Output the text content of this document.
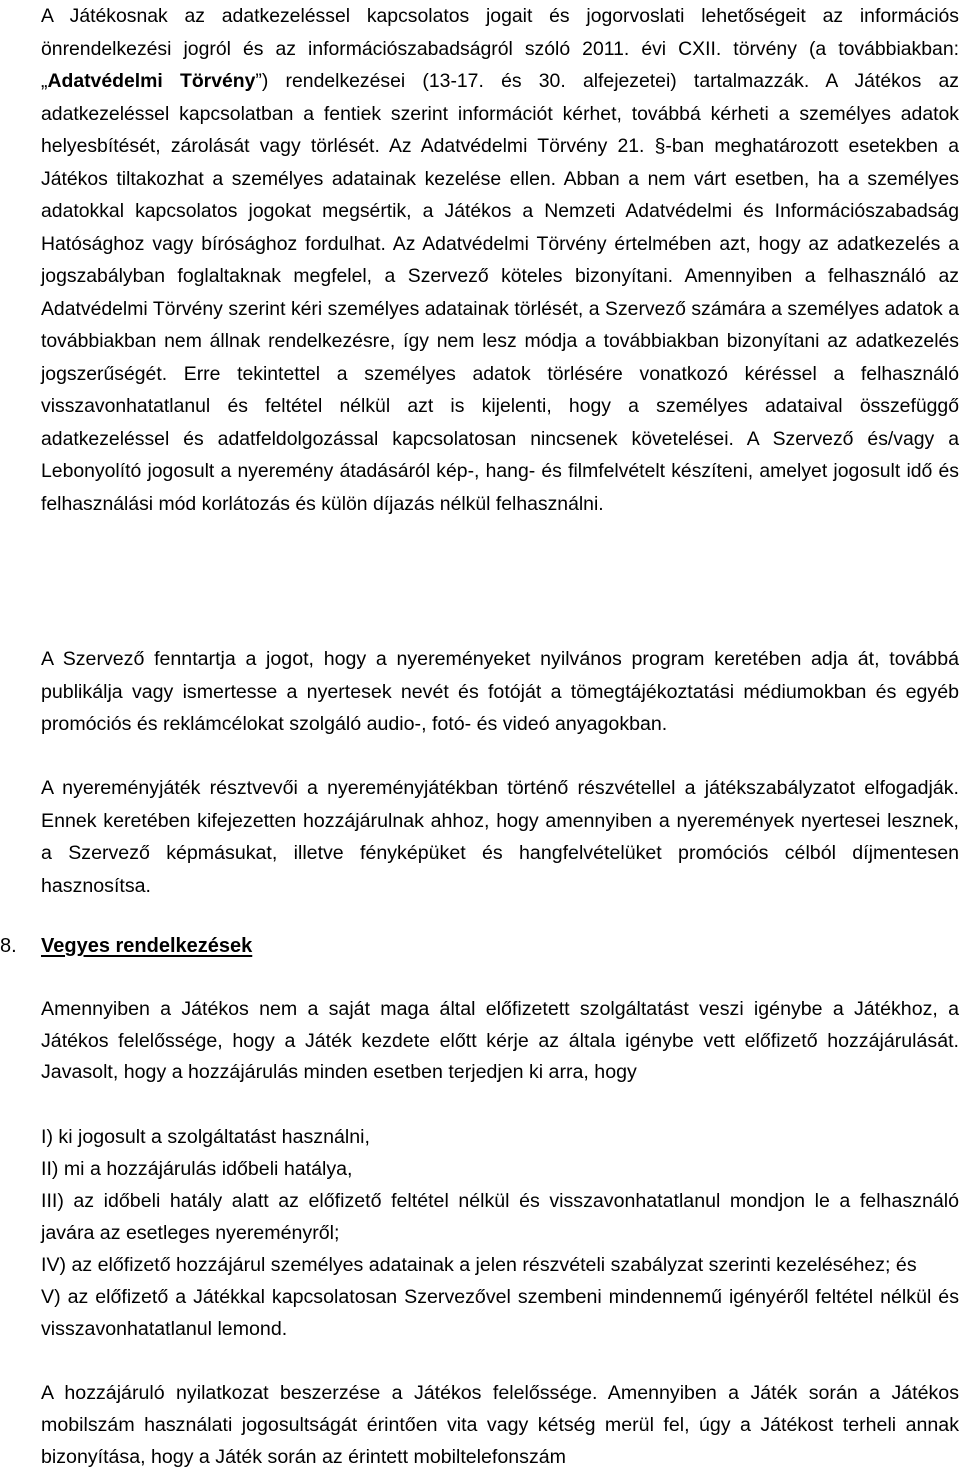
A Játékosnak az adatkezeléssel kapcsolatos jogait és jogorvoslati lehetőségeit az információs önrendelkezési jogról és az információszabadságról szóló 2011. évi CXII. törvény (a továbbiakban: „Adatvédelmi Törvény”) rendelkezései (13-17. és 30. alfejezetei) tartalmazzák. A Játékos az adatkezeléssel kapcsolatban a fentiek szerint információt kérhet, továbbá kérheti a személyes adatok helyesbítését, zárolását vagy törlését. Az Adatvédelmi Törvény 21. §-ban meghatározott esetekben a Játékos tiltakozhat a személyes adatainak kezelése ellen. Abban a nem várt esetben, ha a személyes adatokkal kapcsolatos jogokat megsértik, a Játékos a Nemzeti Adatvédelmi és Információszabadság Hatósághoz vagy bírósághoz fordulhat. Az Adatvédelmi Törvény értelmében azt, hogy az adatkezelés a jogszabályban foglaltaknak megfelel, a Szervező köteles bizonyítani. Amennyiben a felhasználó az Adatvédelmi Törvény szerint kéri személyes adatainak törlését, a Szervező számára a személyes adatok a továbbiakban nem állnak rendelkezésre, így nem lesz módja a továbbiakban bizonyítani az adatkezelés jogszerűségét. Erre tekintettel a személyes adatok törlésére vonatkozó kéréssel a felhasználó visszavonhatatlanul és feltétel nélkül azt is kijelenti, hogy a személyes adataival összefüggő adatkezeléssel és adatfeldolgozással kapcsolatosan nincsenek követelései. A Szervező és/vagy a Lebonyolító jogosult a nyeremény átadásáról kép-, hang- és filmfelvételt készíteni, amelyet jogosult idő és felhasználási mód korlátozás és külön díjazás nélkül felhasználni.

A Szervező fenntartja a jogot, hogy a nyereményeket nyilvános program keretében adja át, továbbá publikálja vagy ismertesse a nyertesek nevét és fotóját a tömegtájékoztatási médiumokban és egyéb promóciós és reklámcélokat szolgáló audio-, fotó- és videó anyagokban.

A nyereményjáték résztvevői a nyereményjátékban történő részvétellel a játékszabályzatot elfogadják. Ennek keretében kifejezetten hozzájárulnak ahhoz, hogy amennyiben a nyeremények nyertesei lesznek, a Szervező képmásukat, illetve fényképüket és hangfelvételüket promóciós célból díjmentesen hasznosítsa.

8.	Vegyes rendelkezések

Amennyiben a Játékos nem a saját maga által előfizetett szolgáltatást veszi igénybe a Játékhoz, a Játékos felelőssége, hogy a Játék kezdete előtt kérje az általa igénybe vett előfizető hozzájárulását. Javasolt, hogy a hozzájárulás minden esetben terjedjen ki arra, hogy

I) ki jogosult a szolgáltatást használni,
II) mi a hozzájárulás időbeli hatálya,
III) az időbeli hatály alatt az előfizető feltétel nélkül és visszavonhatatlanul mondjon le a felhasználó javára az esetleges nyereményről;
IV) az előfizető hozzájárul személyes adatainak a jelen részvételi szabályzat szerinti kezeléséhez; és
V) az előfizető a Játékkal kapcsolatosan Szervezővel szembeni mindennemű igényéről feltétel nélkül és visszavonhatatlanul lemond.

A hozzájáruló nyilatkozat beszerzése a Játékos felelőssége. Amennyiben a Játék során a Játékos mobilszám használati jogosultságát érintően vita vagy kétség merül fel, úgy a Játékost terheli annak bizonyítása, hogy a Játék során az érintett mobiltelefonszám
